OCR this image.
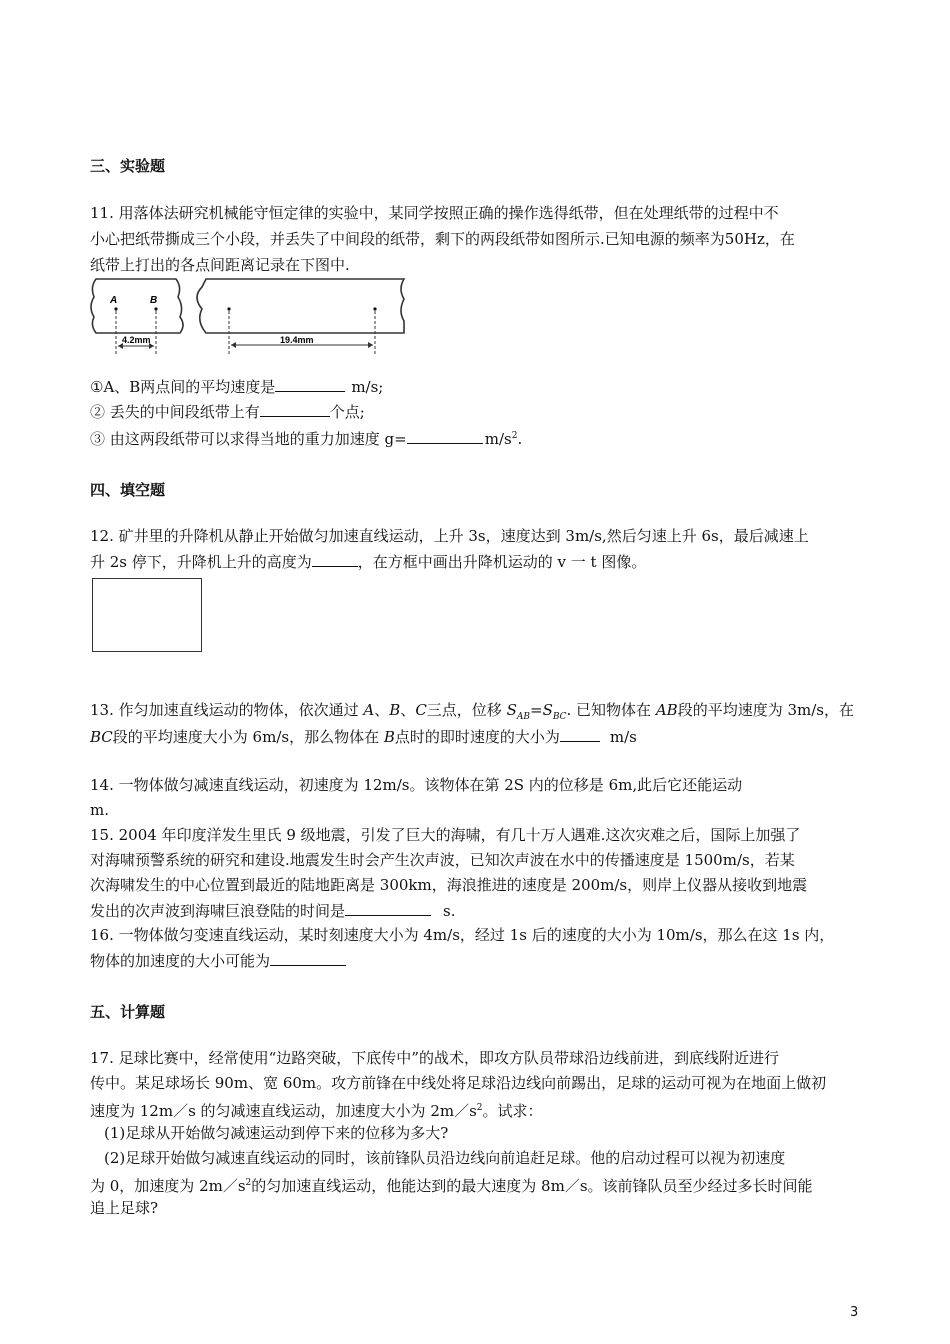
三、实验题
11. 用落体法研究机械能守恒定律的实验中，某同学按照正确的操作选得纸带，但在处理纸带的过程中不
小心把纸带撕成三个小段，并丢失了中间段的纸带，剩下的两段纸带如图所示.已知电源的频率为50Hz，在
纸带上打出的各点间距离记录在下图中.
A	B
4.2mm	19.4mm
①A、B两点间的平均速度是	m/s;
② 丢失的中间段纸带上有	个点;
③ 由这两段纸带可以求得当地的重力加速度 g=	$m/s^2$.
四、填空题
12. 矿井里的升降机从静止开始做匀加速直线运动，上升 3s，速度达到 3m/s,然后匀速上升 6s，最后减速上
升 2s 停下，升降机上升的高度为	，在方框中画出升降机运动的 v 一 t 图像。
13. 作匀加速直线运动的物体，依次通过 A、B、C三点，位移 $S_{AB}=S_{BC}$. 已知物体在 AB段的平均速度为 3m/s，在
BC段的平均速度大小为 6m/s，那么物体在 B点时的即时速度的大小为	m/s
14. 一物体做匀减速直线运动，初速度为 12m/s。该物体在第 2S 内的位移是 6m,此后它还能运动
m.
15. 2004 年印度洋发生里氏 9 级地震，引发了巨大的海啸，有几十万人遇难.这次灾难之后，国际上加强了
对海啸预警系统的研究和建设.地震发生时会产生次声波，已知次声波在水中的传播速度是 1500m/s，若某
次海啸发生的中心位置到最近的陆地距离是 300km，海浪推进的速度是 200m/s，则岸上仪器从接收到地震
发出的次声波到海啸巨浪登陆的时间是	s.
16. 一物体做匀变速直线运动，某时刻速度大小为 4m/s，经过 1s 后的速度的大小为 10m/s，那么在这 1s 内，
物体的加速度的大小可能为
五、计算题
17. 足球比赛中，经常使用“边路突破，下底传中”的战术，即攻方队员带球沿边线前进，到底线附近进行
传中。某足球场长 90m、宽 60m。攻方前锋在中线处将足球沿边线向前踢出，足球的运动可视为在地面上做初
速度为 12m／s 的匀减速直线运动，加速度大小为 $2m/s^2$。试求：
(1)足球从开始做匀减速运动到停下来的位移为多大?
(2)足球开始做匀减速直线运动的同时，该前锋队员沿边线向前追赶足球。他的启动过程可以视为初速度
为 0，加速度为 $2m/s^2$的匀加速直线运动，他能达到的最大速度为 8m／s。该前锋队员至少经过多长时间能
追上足球?
3
